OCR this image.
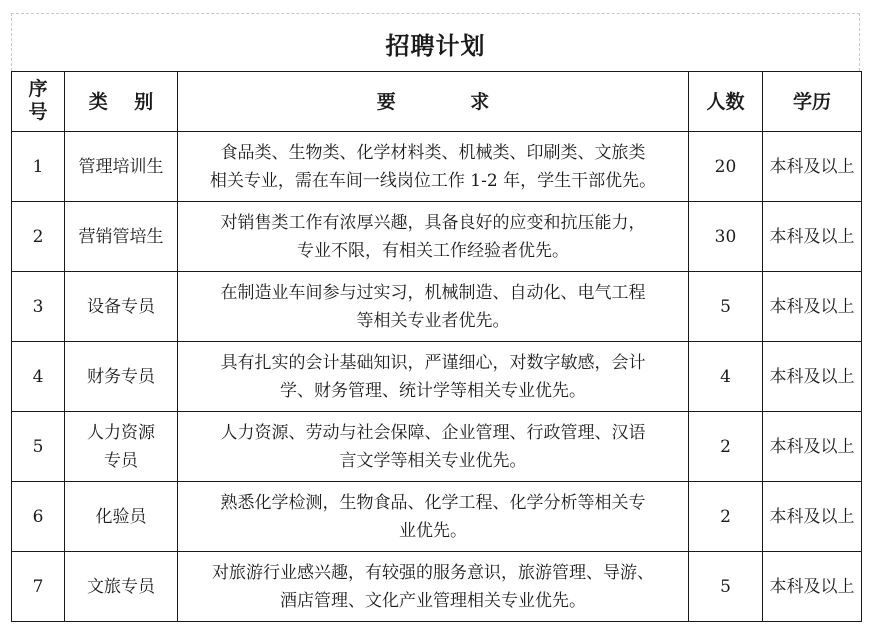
招聘计划
序号	类 别	要 求	人数	学历
1	管理培训生	食品类、生物类、化学材料类、机械类、印刷类、文旅类
相关专业，需在车间一线岗位工作 1-2 年，学生干部优先。	20	本科及以上
2	营销管培生	对销售类工作有浓厚兴趣，具备良好的应变和抗压能力，
专业不限，有相关工作经验者优先。	30	本科及以上
3	设备专员	在制造业车间参与过实习，机械制造、自动化、电气工程
等相关专业者优先。	5	本科及以上
4	财务专员	具有扎实的会计基础知识，严谨细心，对数字敏感，会计
学、财务管理、统计学等相关专业优先。	4	本科及以上
5	人力资源
专员	人力资源、劳动与社会保障、企业管理、行政管理、汉语
言文学等相关专业优先。	2	本科及以上
6	化验员	熟悉化学检测，生物食品、化学工程、化学分析等相关专
业优先。	2	本科及以上
7	文旅专员	对旅游行业感兴趣，有较强的服务意识，旅游管理、导游、
酒店管理、文化产业管理相关专业优先。	5	本科及以上
